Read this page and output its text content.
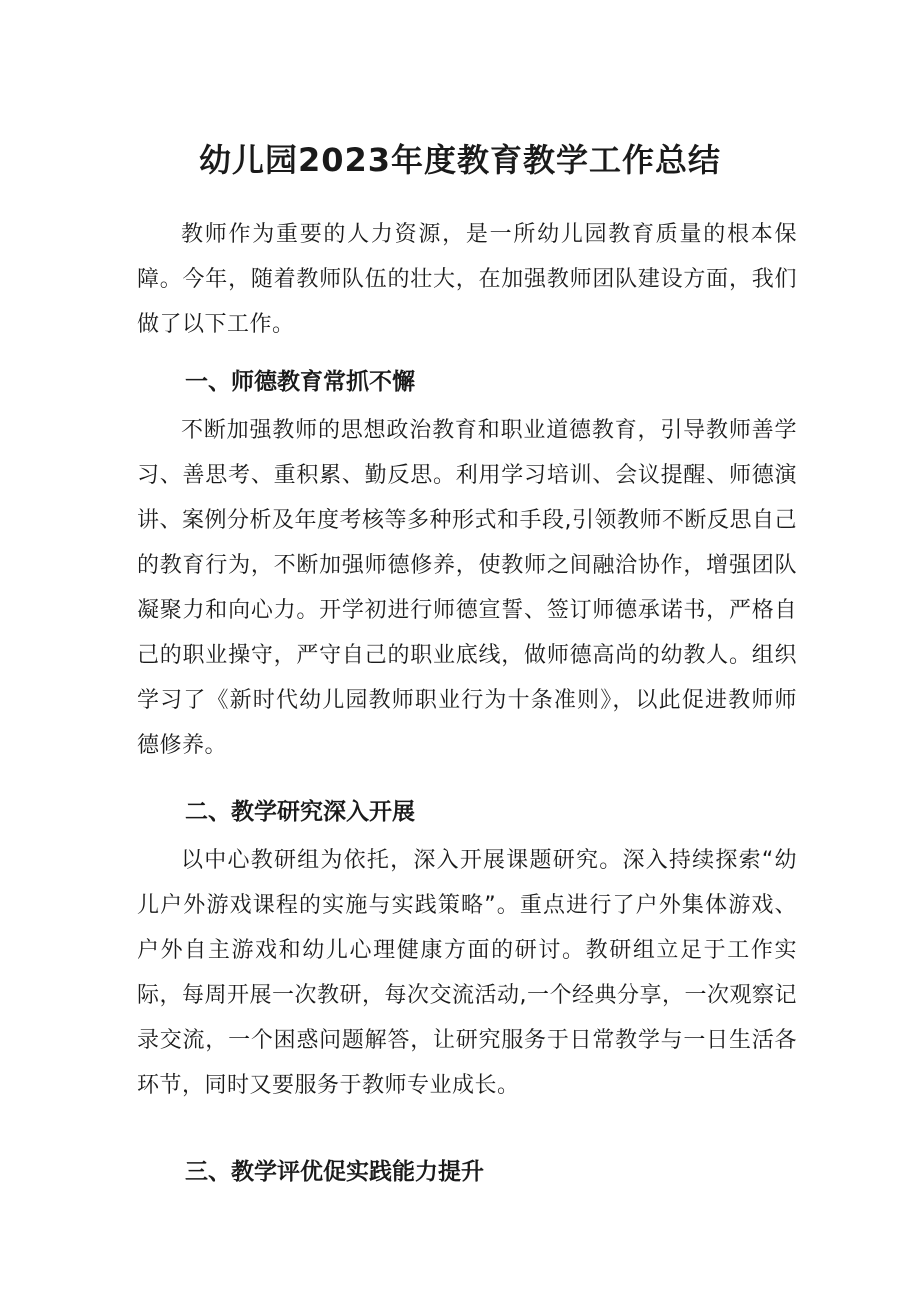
幼儿园2023年度教育教学工作总结
教师作为重要的人力资源，是一所幼儿园教育质量的根本保障。今年，随着教师队伍的壮大，在加强教师团队建设方面，我们做了以下工作。
一、师德教育常抓不懈
不断加强教师的思想政治教育和职业道德教育，引导教师善学习、善思考、重积累、勤反思。利用学习培训、会议提醒、师德演讲、案例分析及年度考核等多种形式和手段,引领教师不断反思自己的教育行为，不断加强师德修养，使教师之间融洽协作，增强团队凝聚力和向心力。开学初进行师德宣誓、签订师德承诺书，严格自己的职业操守，严守自己的职业底线，做师德高尚的幼教人。组织学习了《新时代幼儿园教师职业行为十条准则》，以此促进教师师德修养。
二、教学研究深入开展
以中心教研组为依托，深入开展课题研究。深入持续探索“幼儿户外游戏课程的实施与实践策略”。重点进行了户外集体游戏、户外自主游戏和幼儿心理健康方面的研讨。教研组立足于工作实际，每周开展一次教研，每次交流活动,一个经典分享，一次观察记录交流，一个困惑问题解答，让研究服务于日常教学与一日生活各环节，同时又要服务于教师专业成长。
三、教学评优促实践能力提升
